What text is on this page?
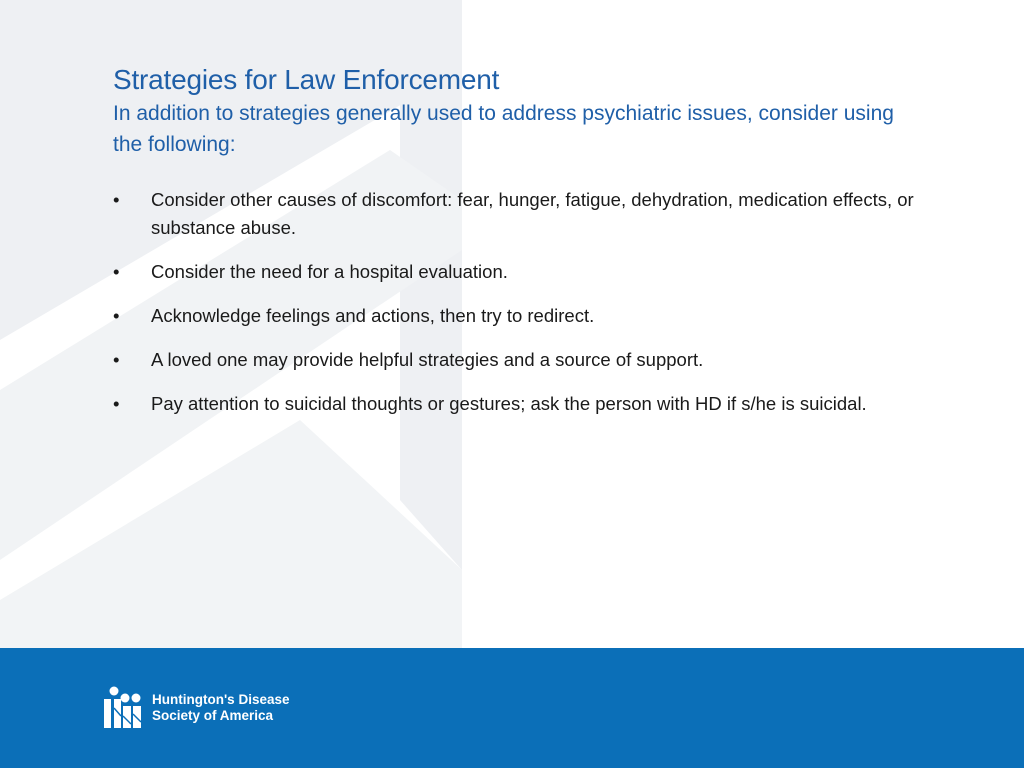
Strategies for Law Enforcement

In addition to strategies generally used to address psychiatric issues, consider using the following:

• Consider other causes of discomfort: fear, hunger, fatigue, dehydration, medication effects, or substance abuse.
• Consider the need for a hospital evaluation.
• Acknowledge feelings and actions, then try to redirect.
• A loved one may provide helpful strategies and a source of support.
• Pay attention to suicidal thoughts or gestures; ask the person with HD if s/he is suicidal.
Huntington's Disease
Society of America
